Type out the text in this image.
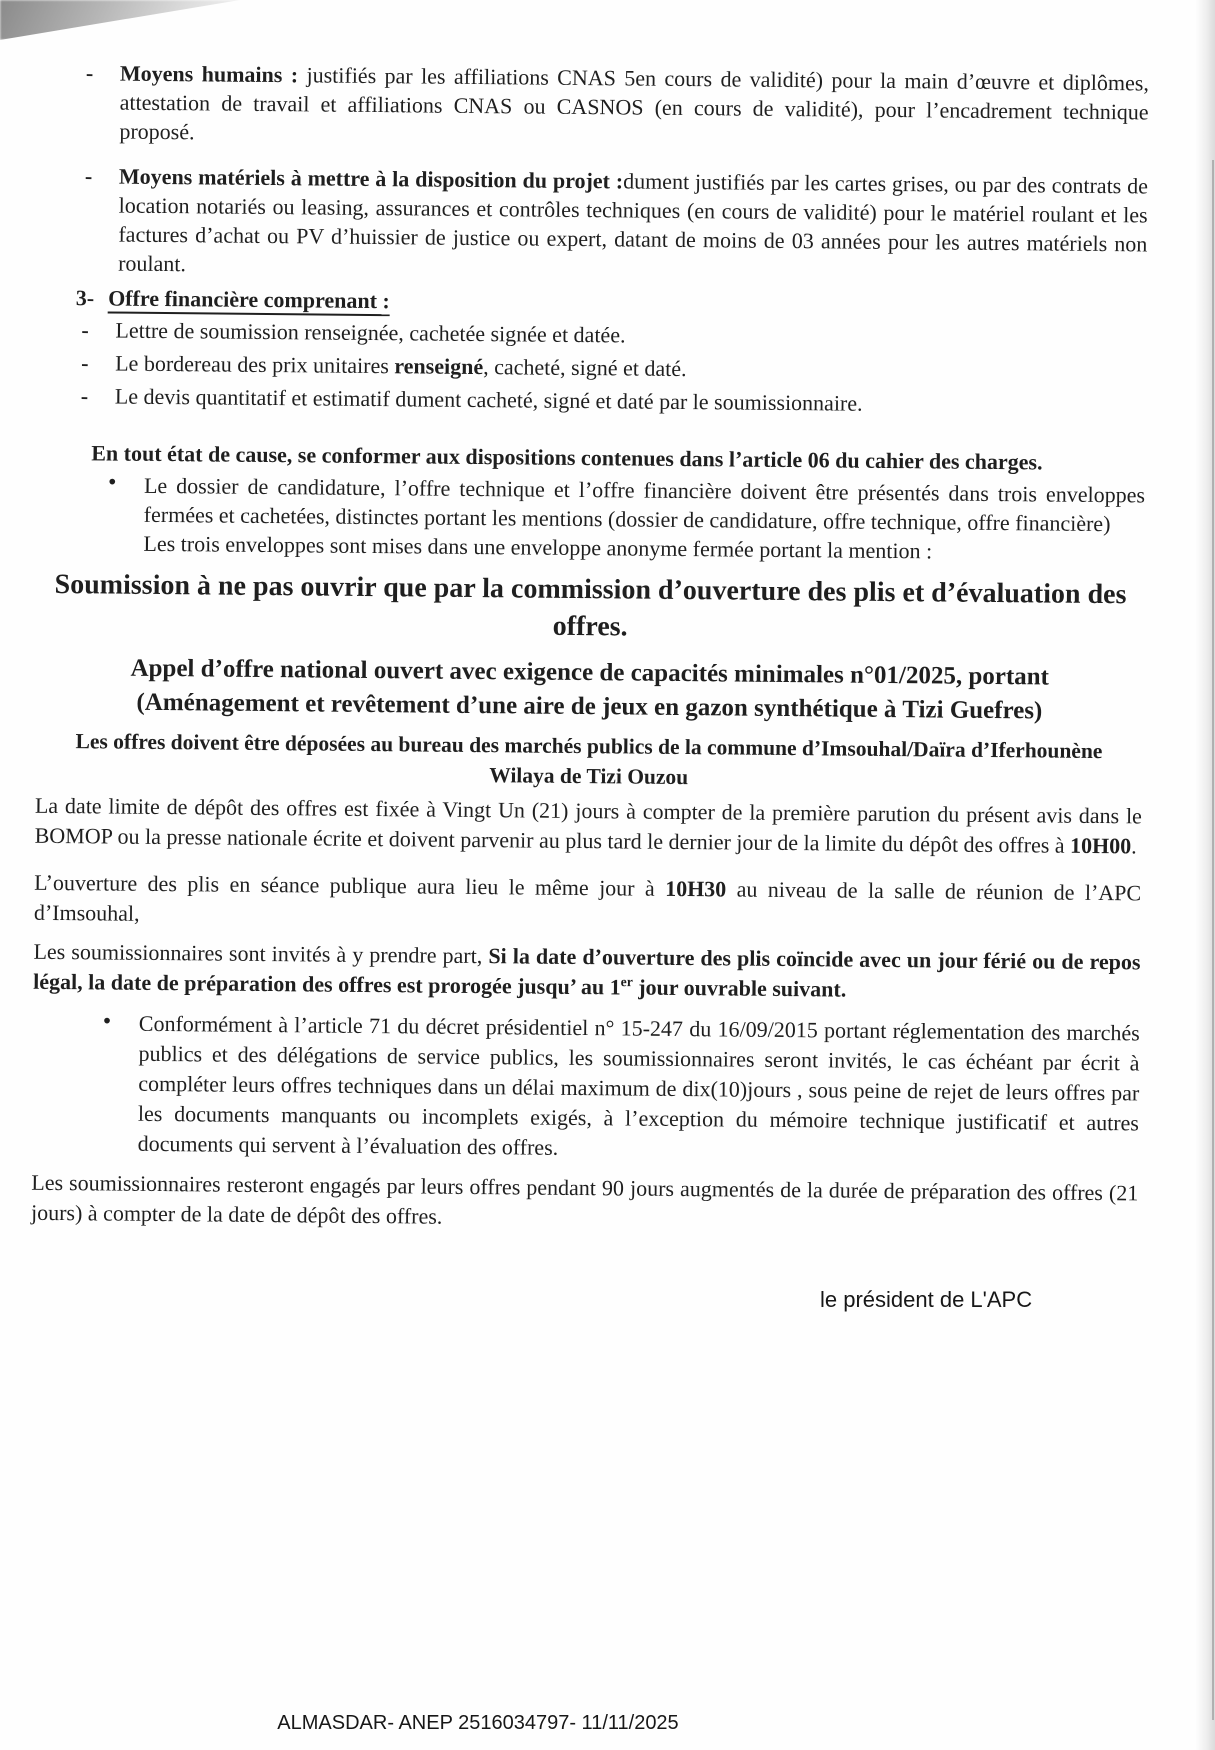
- Moyens humains : justifiés par les affiliations CNAS 5en cours de validité) pour la main d’œuvre et diplômes, attestation de travail et affiliations CNAS ou CASNOS (en cours de validité), pour l’encadrement technique proposé.

- Moyens matériels à mettre à la disposition du projet :dument justifiés par les cartes grises, ou par des contrats de location notariés ou leasing, assurances et contrôles techniques (en cours de validité) pour le matériel roulant et les factures d’achat ou PV d’huissier de justice ou expert, datant de moins de 03 années pour les autres matériels non roulant.

3- Offre financière comprenant :

- Lettre de soumission renseignée, cachetée signée et datée.

- Le bordereau des prix unitaires renseigné, cacheté, signé et daté.

- Le devis quantitatif et estimatif dument cacheté, signé et daté par le soumissionnaire.

En tout état de cause, se conformer aux dispositions contenues dans l’article 06 du cahier des charges.

• Le dossier de candidature, l’offre technique et l’offre financière doivent être présentés dans trois enveloppes fermées et cachetées, distinctes portant les mentions (dossier de candidature, offre technique, offre financière)

Les trois enveloppes sont mises dans une enveloppe anonyme fermée portant la mention :

Soumission à ne pas ouvrir que par la commission d’ouverture des plis et d’évaluation des offres.

Appel d’offre national ouvert avec exigence de capacités minimales n°01/2025, portant
(Aménagement et revêtement d’une aire de jeux en gazon synthétique à Tizi Guefres)

Les offres doivent être déposées au bureau des marchés publics de la commune d’Imsouhal/Daïra d’Iferhounène

Wilaya de Tizi Ouzou

La date limite de dépôt des offres est fixée à Vingt Un (21) jours à compter de la première parution du présent avis dans le BOMOP ou la presse nationale écrite et doivent parvenir au plus tard le dernier jour de la limite du dépôt des offres à 10H00.

L’ouverture des plis en séance publique aura lieu le même jour à 10H30 au niveau de la salle de réunion de l’APC d’Imsouhal,

Les soumissionnaires sont invités à y prendre part, Si la date d’ouverture des plis coïncide avec un jour férié ou de repos légal, la date de préparation des offres est prorogée jusqu’ au 1er jour ouvrable suivant.

• Conformément à l’article 71 du décret présidentiel n° 15-247 du 16/09/2015 portant réglementation des marchés publics et des délégations de service publics, les soumissionnaires seront invités, le cas échéant par écrit à compléter leurs offres techniques dans un délai maximum de dix(10)jours , sous peine de rejet de leurs offres par les documents manquants ou incomplets exigés, à l’exception du mémoire technique justificatif et autres documents qui servent à l’évaluation des offres.

Les soumissionnaires resteront engagés par leurs offres pendant 90 jours augmentés de la durée de préparation des offres (21 jours) à compter de la date de dépôt des offres.

le président de L'APC
ALMASDAR- ANEP 2516034797- 11/11/2025
